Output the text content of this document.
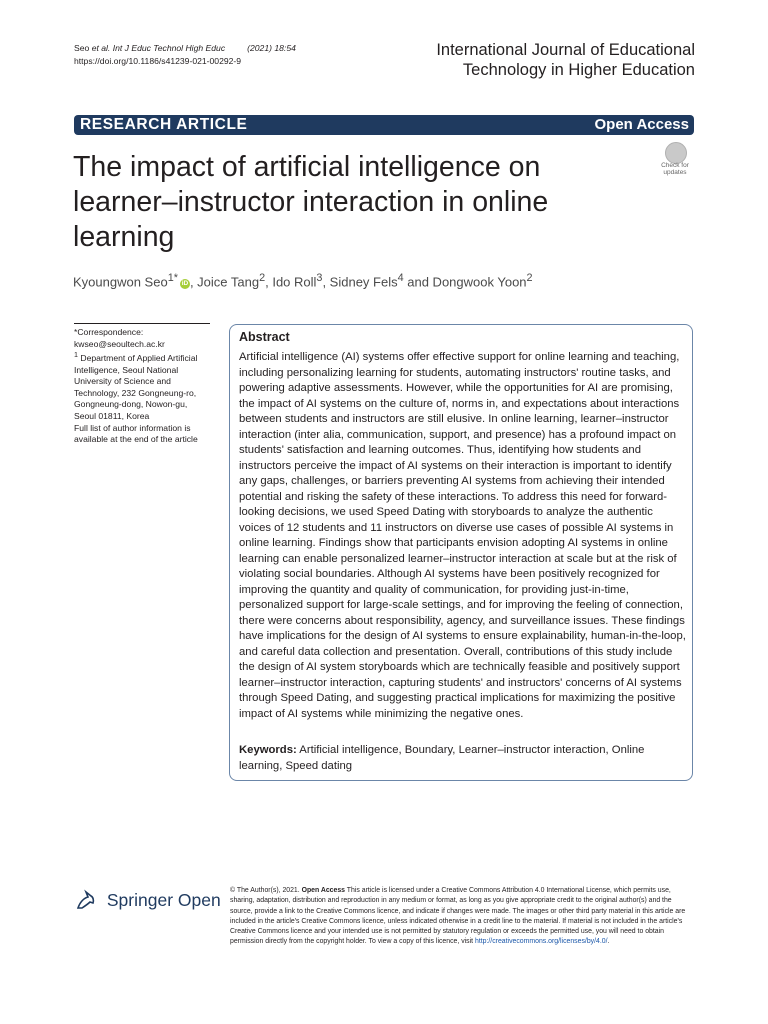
Seo et al. Int J Educ Technol High Educ	(2021) 18:54
https://doi.org/10.1186/s41239-021-00292-9
International Journal of Educational
Technology in Higher Education
RESEARCH ARTICLE	Open Access
Check for updates
The impact of artificial intelligence on learner–instructor interaction in online learning
Kyoungwon Seo$^{1*}$ iD , Joice Tang$^2$, Ido Roll$^3$, Sidney Fels$^4$ and Dongwook Yoon$^2$
*Correspondence:
kwseo@seoultech.ac.kr
$^1$ Department of Applied Artificial Intelligence, Seoul National University of Science and Technology, 232 Gongneung-ro, Gongneung-dong, Nowon-gu, Seoul 01811, Korea
Full list of author information is available at the end of the article
Abstract
Artificial intelligence (AI) systems offer effective support for online learning and teaching, including personalizing learning for students, automating instructors' routine tasks, and powering adaptive assessments. However, while the opportunities for AI are promising, the impact of AI systems on the culture of, norms in, and expectations about interactions between students and instructors are still elusive. In online learning, learner–instructor interaction (inter alia, communication, support, and presence) has a profound impact on students' satisfaction and learning outcomes. Thus, identifying how students and instructors perceive the impact of AI systems on their interaction is important to identify any gaps, challenges, or barriers preventing AI systems from achieving their intended potential and risking the safety of these interactions. To address this need for forward-looking decisions, we used Speed Dating with storyboards to analyze the authentic voices of 12 students and 11 instructors on diverse use cases of possible AI systems in online learning. Findings show that participants envision adopting AI systems in online learning can enable personalized learner–instructor interaction at scale but at the risk of violating social boundaries. Although AI systems have been positively recognized for improving the quantity and quality of communication, for providing just-in-time, personalized support for large-scale settings, and for improving the feeling of connection, there were concerns about responsibility, agency, and surveillance issues. These findings have implications for the design of AI systems to ensure explainability, human-in-the-loop, and careful data collection and presentation. Overall, contributions of this study include the design of AI system storyboards which are technically feasible and positively support learner–instructor interaction, capturing students' and instructors' concerns of AI systems through Speed Dating, and suggesting practical implications for maximizing the positive impact of AI systems while minimizing the negative ones.
Keywords: Artificial intelligence, Boundary, Learner–instructor interaction, Online learning, Speed dating
Springer Open © The Author(s), 2021. Open Access This article is licensed under a Creative Commons Attribution 4.0 International License, which permits use, sharing, adaptation, distribution and reproduction in any medium or format, as long as you give appropriate credit to the original author(s) and the source, provide a link to the Creative Commons licence, and indicate if changes were made. The images or other third party material in this article are included in the article's Creative Commons licence, unless indicated otherwise in a credit line to the material. If material is not included in the article's Creative Commons licence and your intended use is not permitted by statutory regulation or exceeds the permitted use, you will need to obtain permission directly from the copyright holder. To view a copy of this licence, visit http://creativecommons.org/licenses/by/4.0/.
